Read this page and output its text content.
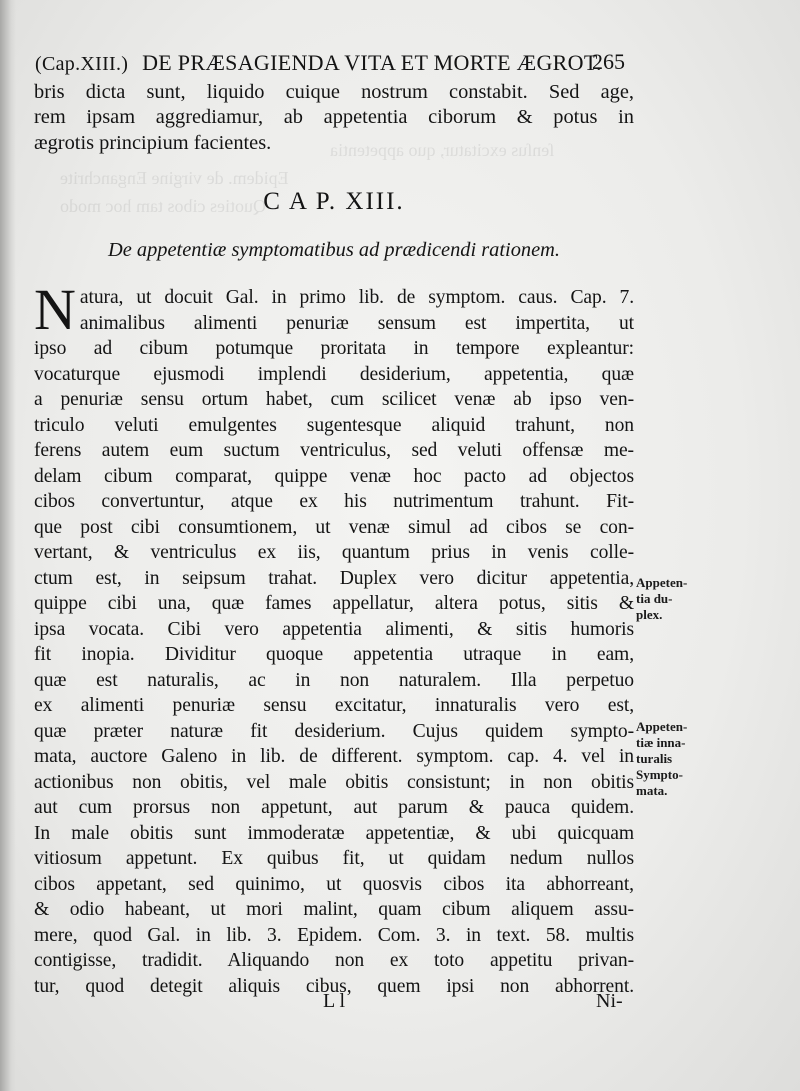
ſenſus excitatur, quo appetentia
Epidem. de virgine Enganchrite
Quoties cibos tam hoc modo
(Cap.XIII.) DE PRÆSAGIENDA VITA ET MORTE ÆGROT.
265
bris dicta sunt, liquido cuique nostrum constabit. Sed age,
rem ipsam aggrediamur, ab appetentia ciborum & potus in
ægrotis principium facientes.
C A P. XIII.
De appetentiæ symptomatibus ad prædicendi rationem.
N atura, ut docuit Gal. in primo lib. de symptom. caus. Cap. 7.
animalibus alimenti penuriæ sensum est impertita, ut
ipso ad cibum potumque proritata in tempore expleantur:
vocaturque ejusmodi implendi desiderium, appetentia, quæ
a penuriæ sensu ortum habet, cum scilicet venæ ab ipso ven-
triculo veluti emulgentes sugentesque aliquid trahunt, non
ferens autem eum suctum ventriculus, sed veluti offensæ me-
delam cibum comparat, quippe venæ hoc pacto ad objectos
cibos convertuntur, atque ex his nutrimentum trahunt. Fit-
que post cibi consumtionem, ut venæ simul ad cibos se con-
vertant, & ventriculus ex iis, quantum prius in venis colle-
ctum est, in seipsum trahat. Duplex vero dicitur appetentia,
quippe cibi una, quæ fames appellatur, altera potus, sitis &
ipsa vocata. Cibi vero appetentia alimenti, & sitis humoris
fit inopia. Dividitur quoque appetentia utraque in eam,
quæ est naturalis, ac in non naturalem. Illa perpetuo
ex alimenti penuriæ sensu excitatur, innaturalis vero est,
quæ præter naturæ fit desiderium. Cujus quidem sympto-
mata, auctore Galeno in lib. de different. symptom. cap. 4. vel in
actionibus non obitis, vel male obitis consistunt; in non obitis
aut cum prorsus non appetunt, aut parum & pauca quidem.
In male obitis sunt immoderatæ appetentiæ, & ubi quicquam
vitiosum appetunt. Ex quibus fit, ut quidam nedum nullos
cibos appetant, sed quinimo, ut quosvis cibos ita abhorreant,
& odio habeant, ut mori malint, quam cibum aliquem assu-
mere, quod Gal. in lib. 3. Epidem. Com. 3. in text. 58. multis
contigisse, tradidit. Aliquando non ex toto appetitu privan-
tur, quod detegit aliquis cibus, quem ipsi non abhorrent.
Appeten-
tia du-
plex.
Appeten-
tiæ inna-
turalis
Sympto-
mata.
L l	Ni-
